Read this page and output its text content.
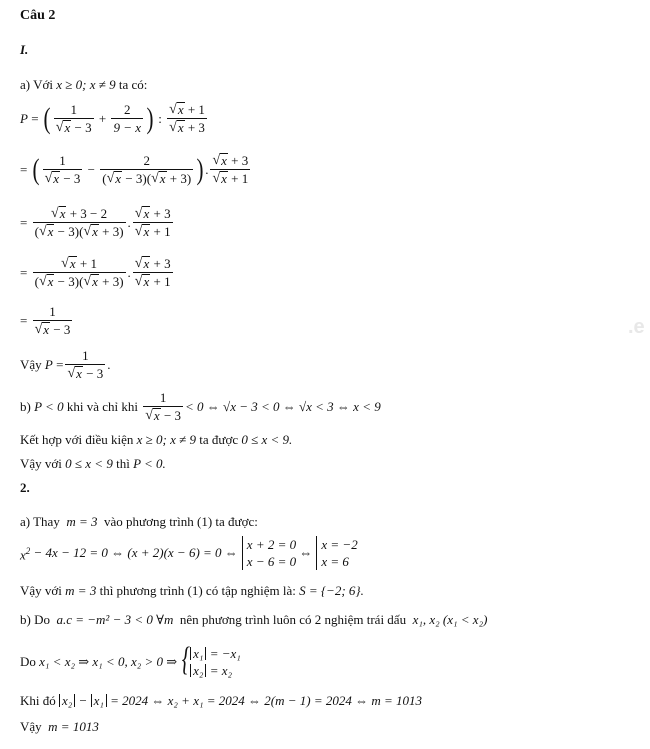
.e
Câu 2
I.
a) Với x ≥ 0; x ≠ 9 ta có:
P = ( $\frac{1}{√ x - 3} + \frac{2}{9 - x}$ ) : $\frac{√ x + 1}{√ x + 3}$
= ( $\frac{1}{√ x - 3} - \frac{2}{( √ x - 3)( √ x + 3)}$ ) . $\frac{√ x + 3}{√ x + 1}$
= $\frac{√ x + 3 - 2}{( √ x - 3)( √ x + 3)}$ . $\frac{√ x + 3}{√ x + 1}$
= $\frac{√ x + 1}{( √ x - 3)( √ x + 3)}$ . $\frac{√ x + 3}{√ x + 1}$
= $\frac{1}{√ x - 3}$
Vậy
$P = \frac{1}{√ x - 3}$ .
b)
P < 0
khi và chỉ khi
$\frac{1}{√ x - 3} < 0$ ⇔ √x − 3 < 0 ⇔ √x < 3 ⇔ x < 9
Kết hợp với điều kiện x ≥ 0; x ≠ 9 ta được 0 ≤ x < 9.
Vậy với 0 ≤ x < 9 thì P < 0.
2.
a) Thay m = 3 vào phương trình (1) ta được:
$x^2$
− 4x − 12 = 0 ⇔ (x + 2)(x − 6) = 0 ⇔
x + 2 = 0
x − 6 = 0
⇔
x = −2
x = 6
Vậy với m = 3 thì phương trình (1) có tập nghiệm là: S = {−2; 6}.
b) Do a.c = −m² − 3 < 0 ∀m nên phương trình luôn có 2 nghiệm trái dấu x₁, x₂ (x₁ < x₂)
Do
x₁ < x₂ ⇒ x₁ < 0, x₂ > 0 ⇒
{ x₁ = −x₁
x₂ = x₂
Khi đó
x₂ − x₁
= 2024 ⇔ x₂ + x₁ = 2024 ⇔ 2(m − 1) = 2024 ⇔ m = 1013
Vậy m = 1013
